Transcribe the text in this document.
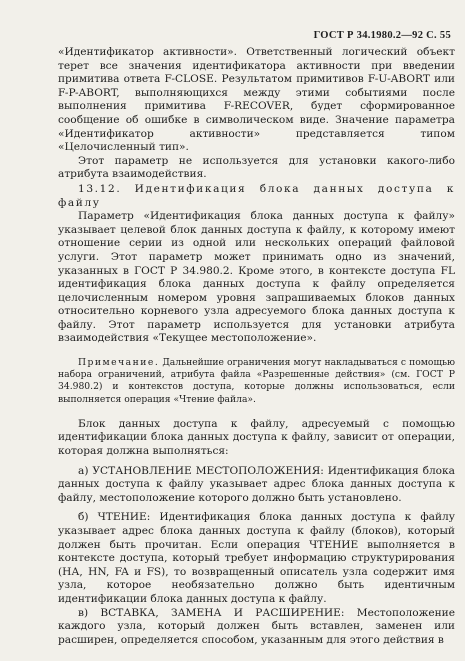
ГОСТ Р 34.1980.2—92 С. 55

«Идентификатор активности». Ответственный логический объект терет все значения идентификатора активности при введении примитива ответа F-CLOSE. Результатом примитивов F-U-ABORT или F-P-ABORT, выполняющихся между этими событиями после выполнения примитива F-RECOVER, будет сформированное сообщение об ошибке в символическом виде. Значение параметра «Идентификатор активности» представляется типом «Целочисленный тип».

Этот параметр не используется для установки какого-либо атрибута взаимодействия.

13.12. Идентификация блока данных доступа к файлу

Параметр «Идентификация блока данных доступа к файлу» указывает целевой блок данных доступа к файлу, к которому имеют отношение серии из одной или нескольких операций файловой услуги. Этот параметр может принимать одно из значений, указанных в ГОСТ Р 34.980.2. Кроме этого, в контексте доступа FL идентификация блока данных доступа к файлу определяется целочисленным номером уровня запрашиваемых блоков данных относительно корневого узла адресуемого блока данных доступа к файлу. Этот параметр используется для установки атрибута взаимодействия «Текущее местоположение».

Примечание. Дальнейшие ограничения могут накладываться с помощью набора ограничений, атрибута файла «Разрешенные действия» (см. ГОСТ Р 34.980.2) и контекстов доступа, которые должны использоваться, если выполняется операция «Чтение файла».

Блок данных доступа к файлу, адресуемый с помощью идентификации блока данных доступа к файлу, зависит от операции, которая должна выполняться:

а) УСТАНОВЛЕНИЕ МЕСТОПОЛОЖЕНИЯ: Идентификация блока данных доступа к файлу указывает адрес блока данных доступа к файлу, местоположение которого должно быть установлено.

б) ЧТЕНИЕ: Идентификация блока данных доступа к файлу указывает адрес блока данных доступа к файлу (блоков), который должен быть прочитан. Если операция ЧТЕНИЕ выполняется в контексте доступа, который требует информацию структурирования (НА, HN, FA и FS), то возвращенный описатель узла содержит имя узла, которое необязательно должно быть идентичным идентификации блока данных доступа к файлу.

в) ВСТАВКА, ЗАМЕНА И РАСШИРЕНИЕ: Местоположение каждого узла, который должен быть вставлен, заменен или расширен, определяется способом, указанным для этого действия в
